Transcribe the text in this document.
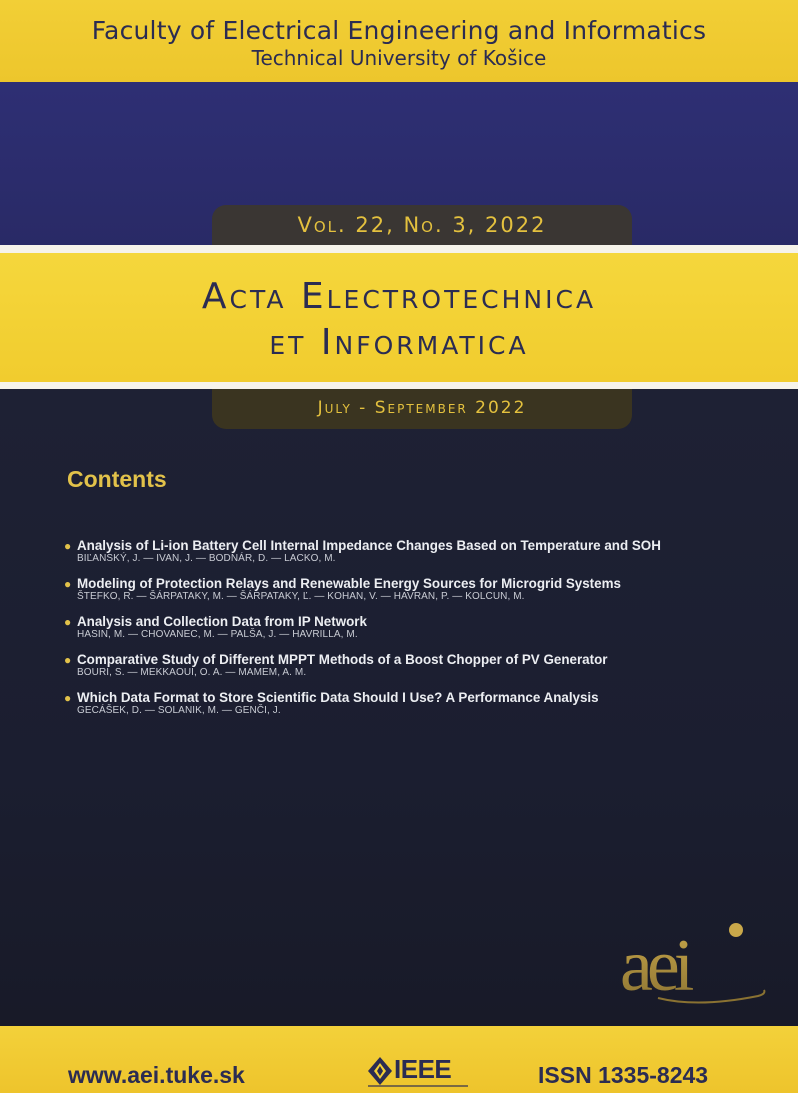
Faculty of Electrical Engineering and Informatics
Technical University of Košice
Vol. 22, No. 3, 2022
Acta Electrotechnica
et Informatica
July - September 2022
Contents
● Analysis of Li-ion Battery Cell Internal Impedance Changes Based on Temperature and SOH
BIĽANSKÝ, J. — IVAN, J. — BODNÁR, D. — LACKO, M.
● Modeling of Protection Relays and Renewable Energy Sources for Microgrid Systems
ŠTEFKO, R. — ŠÁRPATAKY, M. — ŠÁRPATAKY, Ľ. — KOHAN, V. — HAVRAN, P. — KOLCUN, M.
● Analysis and Collection Data from IP Network
HASIN, M. — CHOVANEC, M. — PALŠA, J. — HAVRILLA, M.
● Comparative Study of Different MPPT Methods of a Boost Chopper of PV Generator
BOURI, S. — MEKKAOUI, O. A. — MAMEM, A. M.
● Which Data Format to Store Scientific Data Should I Use? A Performance Analysis
GECÁŠEK, D. — SOLANIK, M. — GENČI, J.
aei
www.aei.tuke.sk	IEEE	ISSN 1335-8243
